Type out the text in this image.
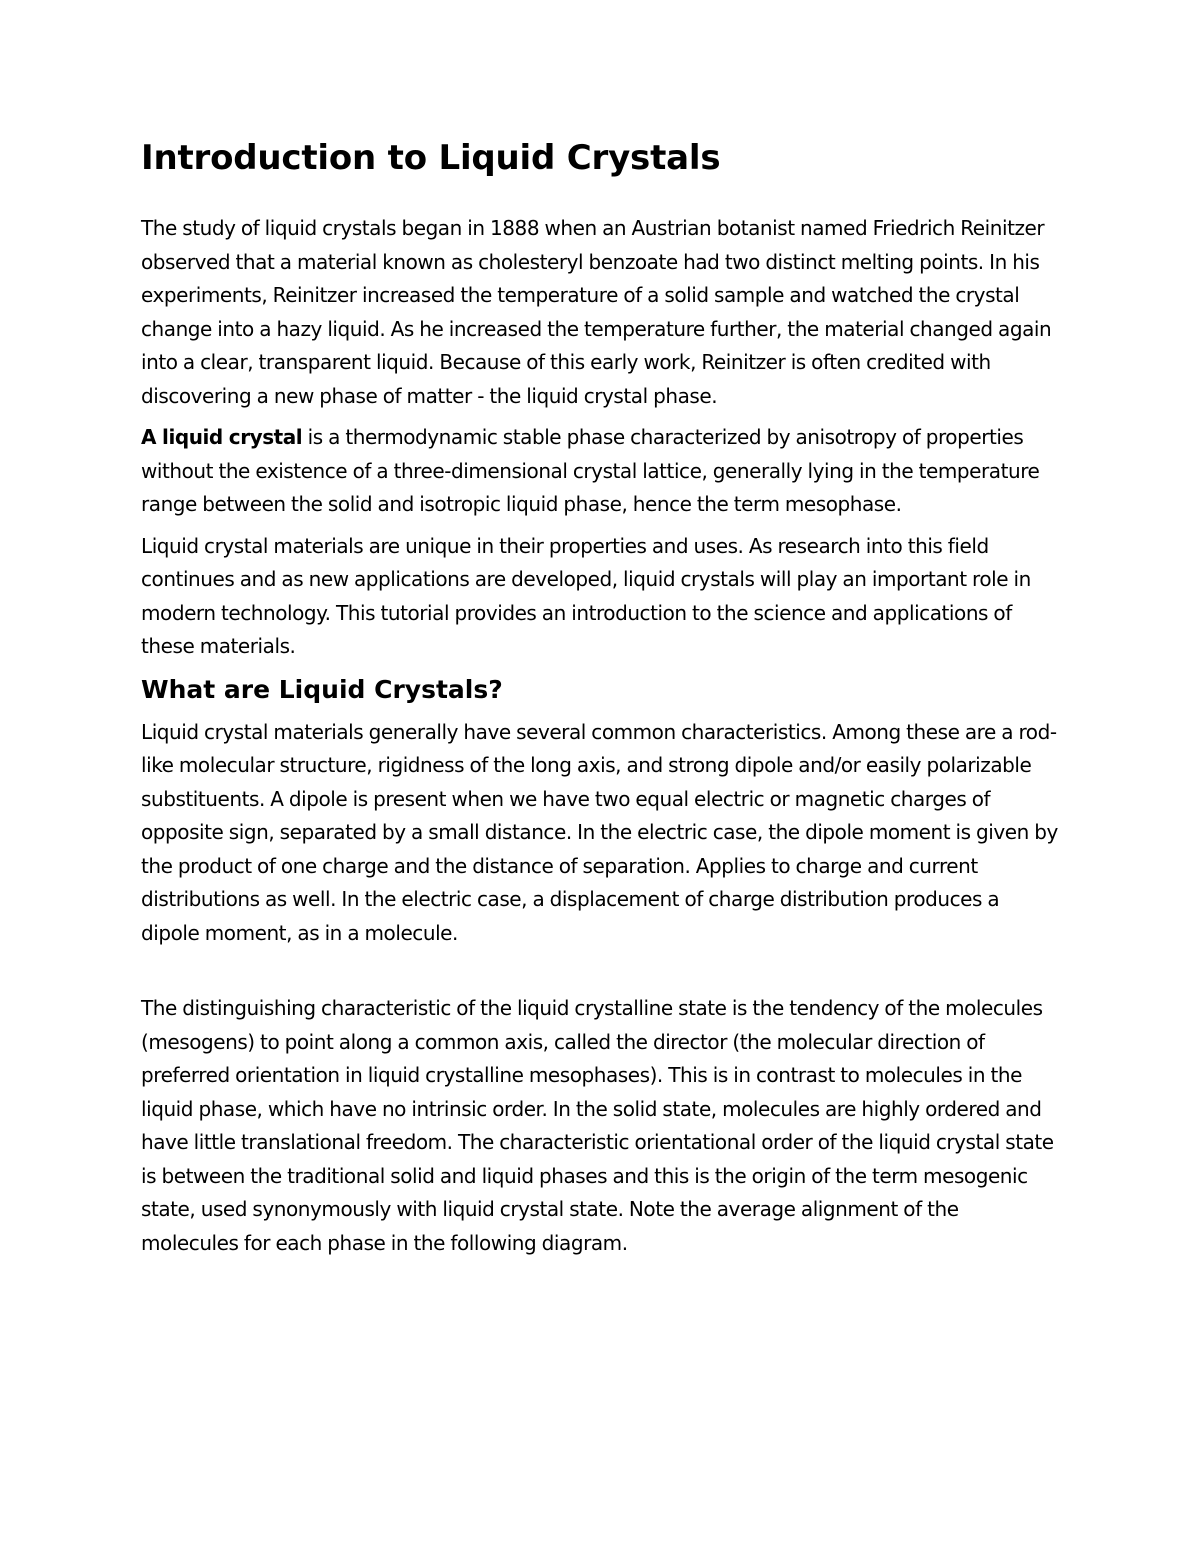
Introduction to Liquid Crystals

The study of liquid crystals began in 1888 when an Austrian botanist named Friedrich Reinitzer observed that a material known as cholesteryl benzoate had two distinct melting points. In his experiments, Reinitzer increased the temperature of a solid sample and watched the crystal change into a hazy liquid. As he increased the temperature further, the material changed again into a clear, transparent liquid. Because of this early work, Reinitzer is often credited with discovering a new phase of matter - the liquid crystal phase.

A liquid crystal is a thermodynamic stable phase characterized by anisotropy of properties without the existence of a three-dimensional crystal lattice, generally lying in the temperature range between the solid and isotropic liquid phase, hence the term mesophase.

Liquid crystal materials are unique in their properties and uses. As research into this field continues and as new applications are developed, liquid crystals will play an important role in modern technology. This tutorial provides an introduction to the science and applications of these materials.

What are Liquid Crystals?

Liquid crystal materials generally have several common characteristics. Among these are a rod- like molecular structure, rigidness of the long axis, and strong dipole and/or easily polarizable substituents. A dipole is present when we have two equal electric or magnetic charges of opposite sign, separated by a small distance. In the electric case, the dipole moment is given by the product of one charge and the distance of separation. Applies to charge and current distributions as well. In the electric case, a displacement of charge distribution produces a dipole moment, as in a molecule.

The distinguishing characteristic of the liquid crystalline state is the tendency of the molecules (mesogens) to point along a common axis, called the director (the molecular direction of preferred orientation in liquid crystalline mesophases). This is in contrast to molecules in the liquid phase, which have no intrinsic order. In the solid state, molecules are highly ordered and have little translational freedom. The characteristic orientational order of the liquid crystal state is between the traditional solid and liquid phases and this is the origin of the term mesogenic state, used synonymously with liquid crystal state. Note the average alignment of the molecules for each phase in the following diagram.
